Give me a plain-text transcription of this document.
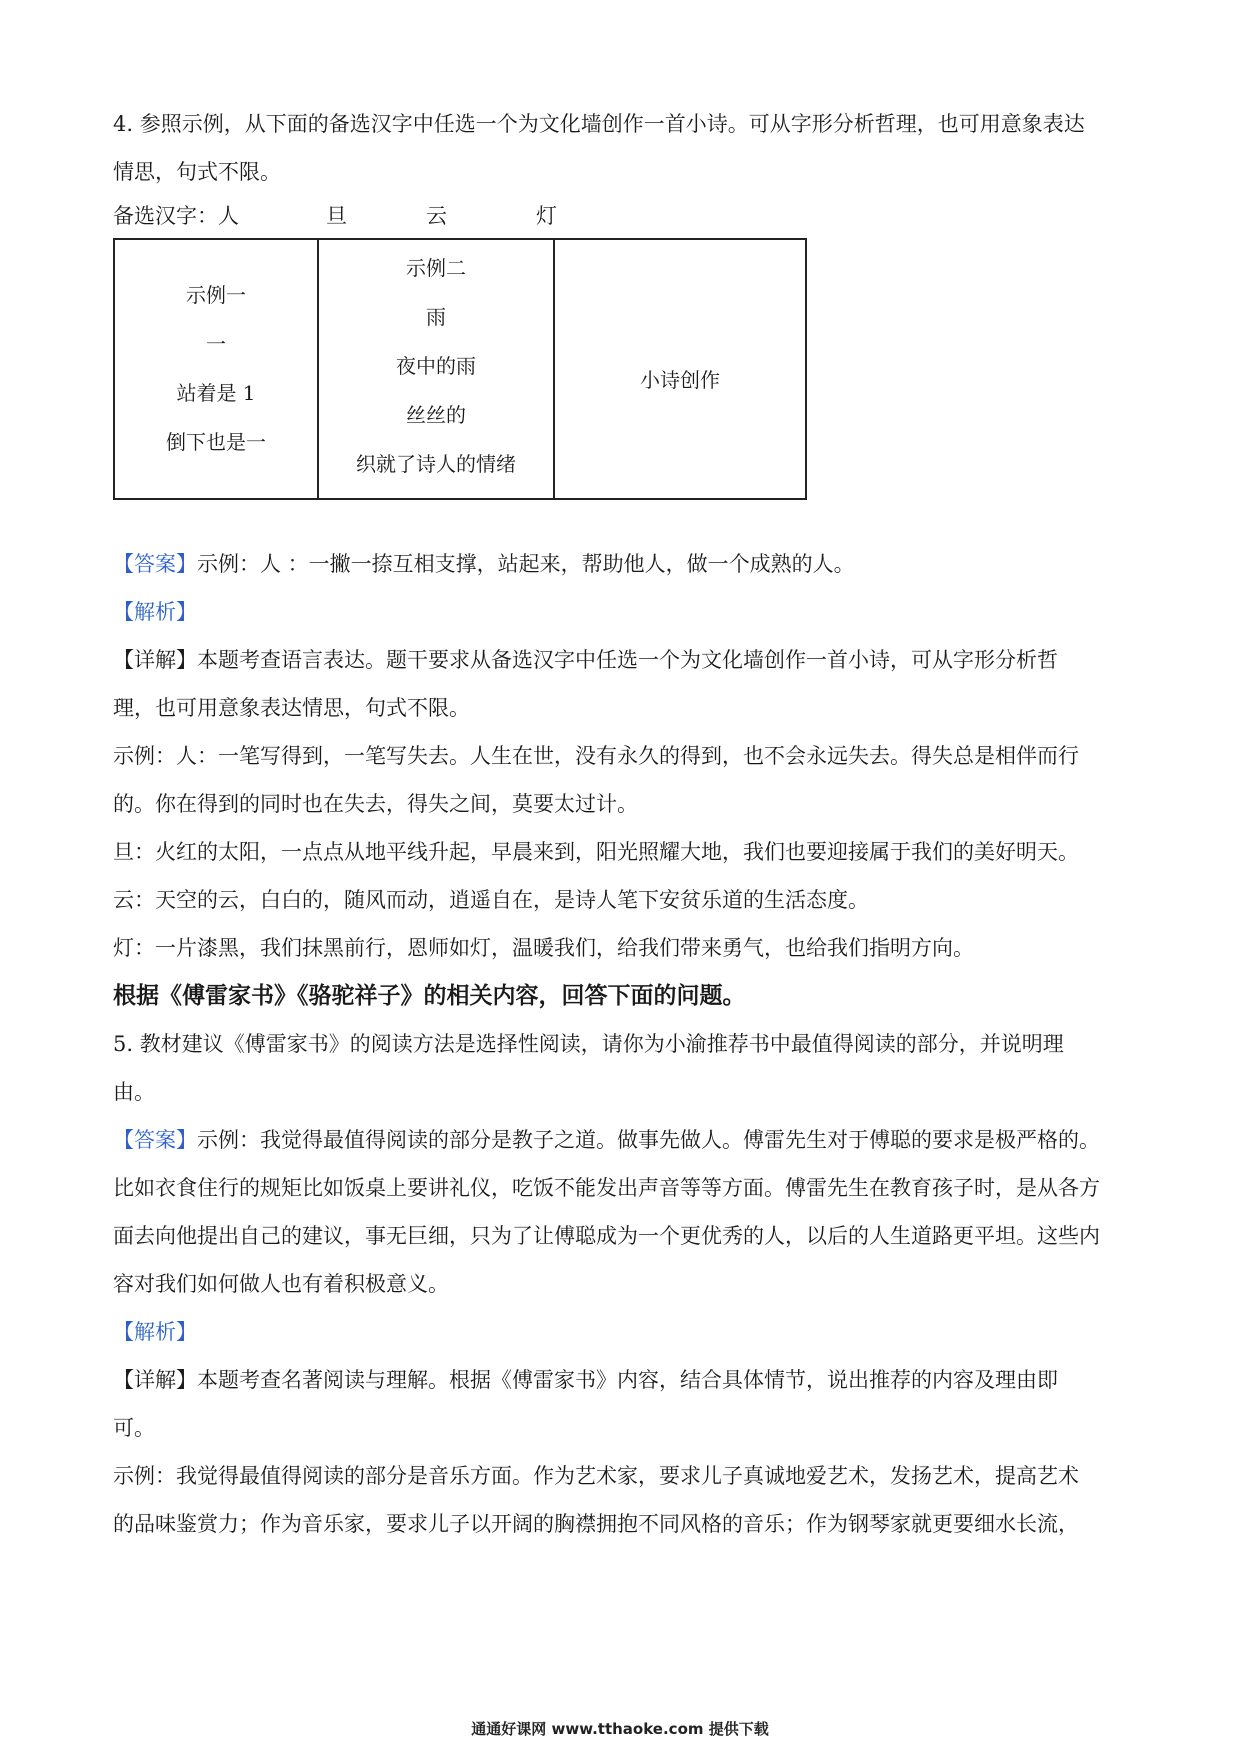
4. 参照示例，从下面的备选汉字中任选一个为文化墙创作一首小诗。可从字形分析哲理，也可用意象表达
情思，句式不限。
备选汉字： 人	旦	云	灯
示例一
一
站着是 1
倒下也是一

示例二
雨
夜中的雨
丝丝的
织就了诗人的情绪

小诗创作
【答案】示例：人 ：一撇一捺互相支撑，站起来，帮助他人，做一个成熟的人。
【解析】
【详解】本题考查语言表达。题干要求从备选汉字中任选一个为文化墙创作一首小诗，可从字形分析哲
理，也可用意象表达情思，句式不限。
示例：人：一笔写得到，一笔写失去。人生在世，没有永久的得到，也不会永远失去。得失总是相伴而行
的。你在得到的同时也在失去，得失之间，莫要太过计。
旦：火红的太阳，一点点从地平线升起，早晨来到，阳光照耀大地，我们也要迎接属于我们的美好明天。
云：天空的云，白白的，随风而动，逍遥自在，是诗人笔下安贫乐道的生活态度。
灯：一片漆黑，我们抹黑前行，恩师如灯，温暖我们，给我们带来勇气，也给我们指明方向。
根据《傅雷家书》《骆驼祥子》的相关内容，回答下面的问题。
5. 教材建议《傅雷家书》的阅读方法是选择性阅读，请你为小渝推荐书中最值得阅读的部分，并说明理
由。
【答案】示例：我觉得最值得阅读的部分是教子之道。做事先做人。傅雷先生对于傅聪的要求是极严格的。
比如衣食住行的规矩比如饭桌上要讲礼仪，吃饭不能发出声音等等方面。傅雷先生在教育孩子时，是从各方
面去向他提出自己的建议，事无巨细，只为了让傅聪成为一个更优秀的人，以后的人生道路更平坦。这些内
容对我们如何做人也有着积极意义。
【解析】
【详解】本题考查名著阅读与理解。根据《傅雷家书》内容，结合具体情节，说出推荐的内容及理由即
可。
示例：我觉得最值得阅读的部分是音乐方面。作为艺术家，要求儿子真诚地爱艺术，发扬艺术，提高艺术
的品味鉴赏力；作为音乐家，要求儿子以开阔的胸襟拥抱不同风格的音乐；作为钢琴家就更要细水长流，
通通好课网 www.tthaoke.com 提供下载
